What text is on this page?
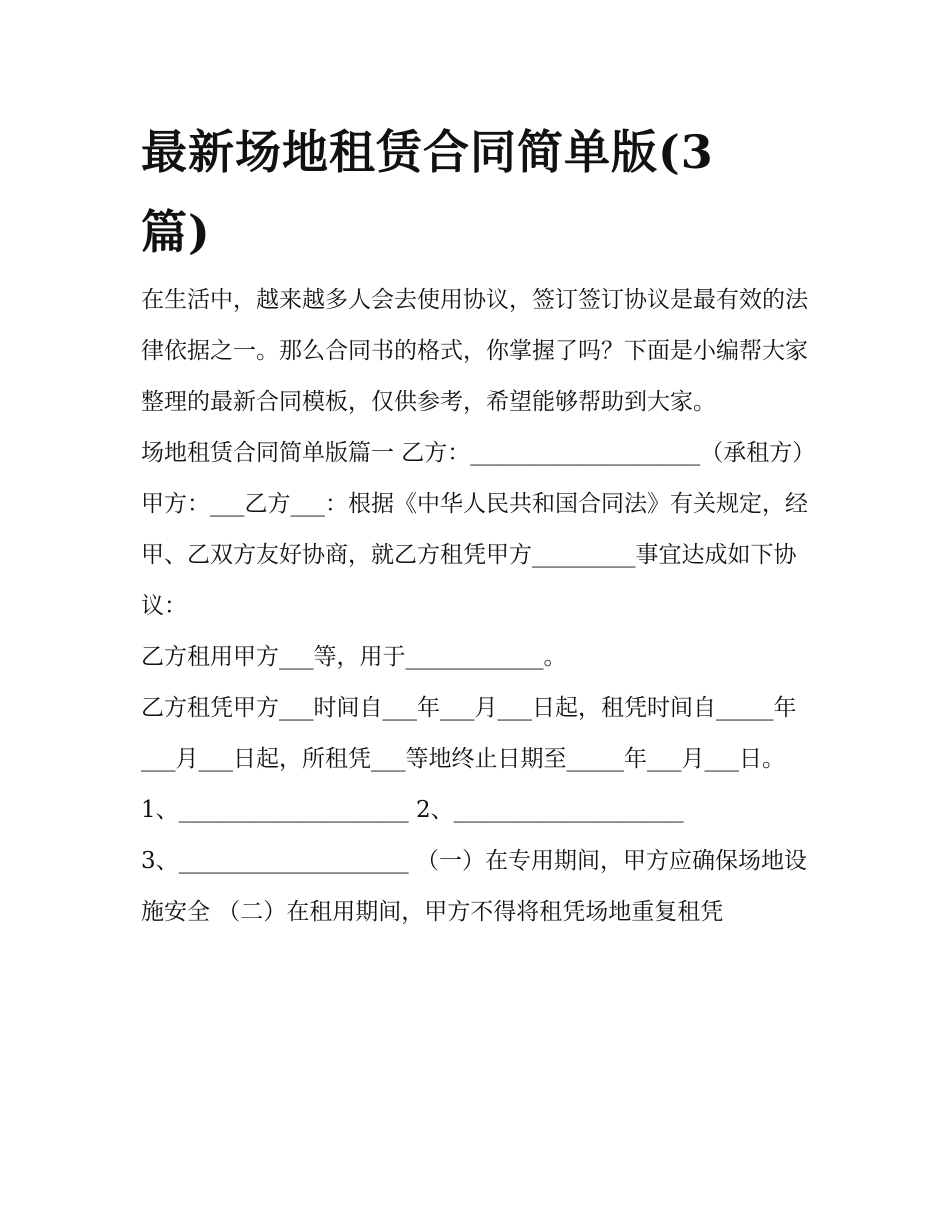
最新场地租赁合同简单版(3篇)

在生活中，越来越多人会去使用协议，签订签订协议是最有效的法律依据之一。那么合同书的格式，你掌握了吗？下面是小编帮大家整理的最新合同模板，仅供参考，希望能够帮助到大家。

场地租赁合同简单版篇一 乙方：____________________（承租方）

甲方：___乙方___：根据《中华人民共和国合同法》有关规定，经甲、乙双方友好协商，就乙方租凭甲方_________事宜达成如下协议：

乙方租用甲方___等，用于____________。

乙方租凭甲方___时间自___年___月___日起，租凭时间自_____年___月___日起，所租凭___等地终止日期至_____年___月___日。

1、____________________ 2、____________________

3、____________________ （一）在专用期间，甲方应确保场地设施安全 （二）在租用期间，甲方不得将租凭场地重复租凭
